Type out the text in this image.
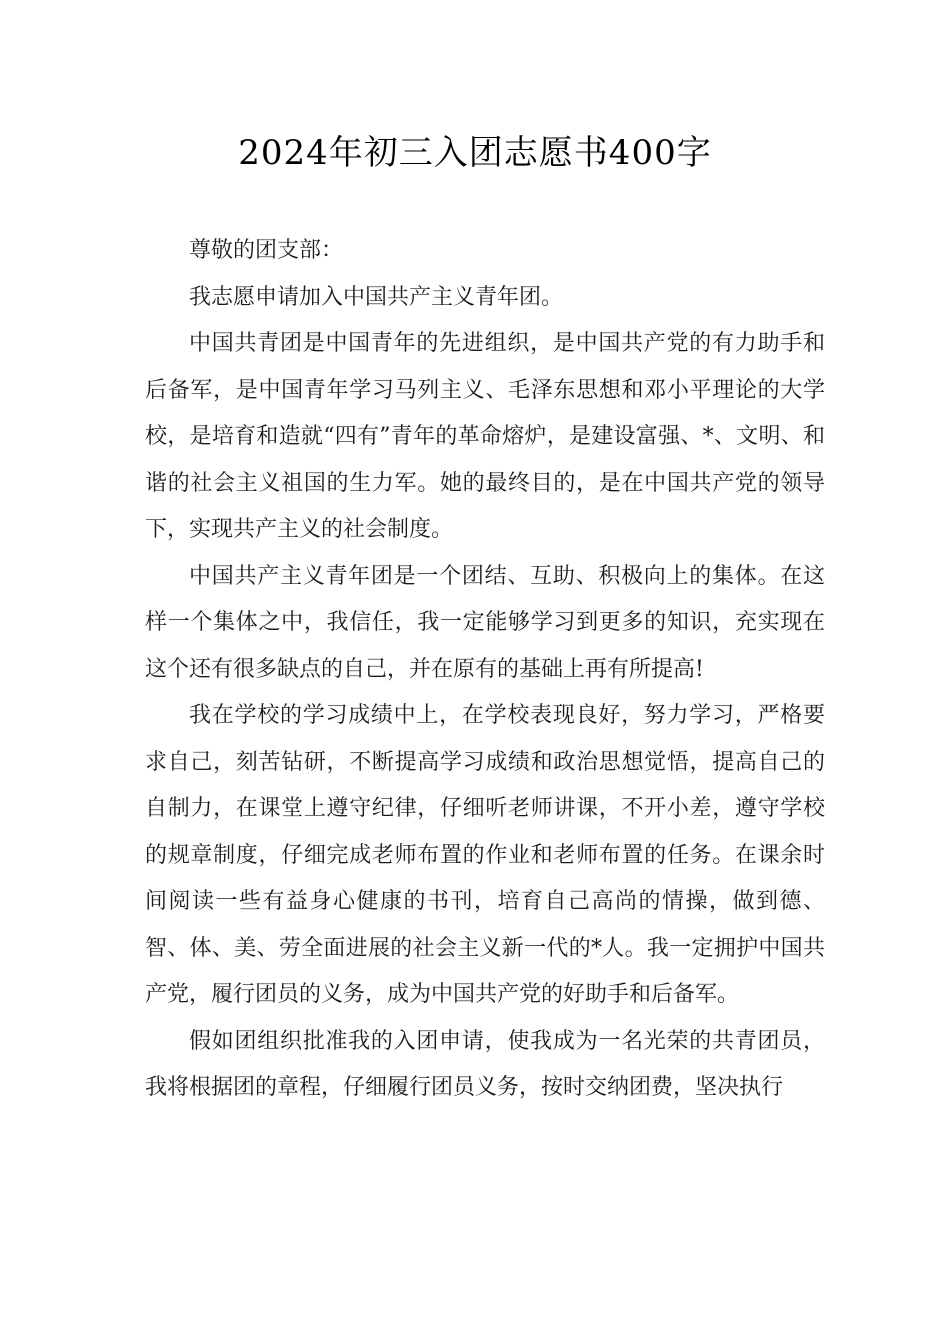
2024年初三入团志愿书400字

尊敬的团支部：

我志愿申请加入中国共产主义青年团。

中国共青团是中国青年的先进组织，是中国共产党的有力助手和后备军，是中国青年学习马列主义、毛泽东思想和邓小平理论的大学校，是培育和造就“四有”青年的革命熔炉，是建设富强、*、文明、和谐的社会主义祖国的生力军。她的最终目的，是在中国共产党的领导下，实现共产主义的社会制度。

中国共产主义青年团是一个团结、互助、积极向上的集体。在这样一个集体之中，我信任，我一定能够学习到更多的知识，充实现在这个还有很多缺点的自己，并在原有的基础上再有所提高!

我在学校的学习成绩中上，在学校表现良好，努力学习，严格要求自己，刻苦钻研，不断提高学习成绩和政治思想觉悟，提高自己的自制力，在课堂上遵守纪律，仔细听老师讲课，不开小差，遵守学校的规章制度，仔细完成老师布置的作业和老师布置的任务。在课余时间阅读一些有益身心健康的书刊，培育自己高尚的情操，做到德、智、体、美、劳全面进展的社会主义新一代的*人。我一定拥护中国共产党，履行团员的义务，成为中国共产党的好助手和后备军。

假如团组织批准我的入团申请，使我成为一名光荣的共青团员，我将根据团的章程，仔细履行团员义务，按时交纳团费，坚决执行
